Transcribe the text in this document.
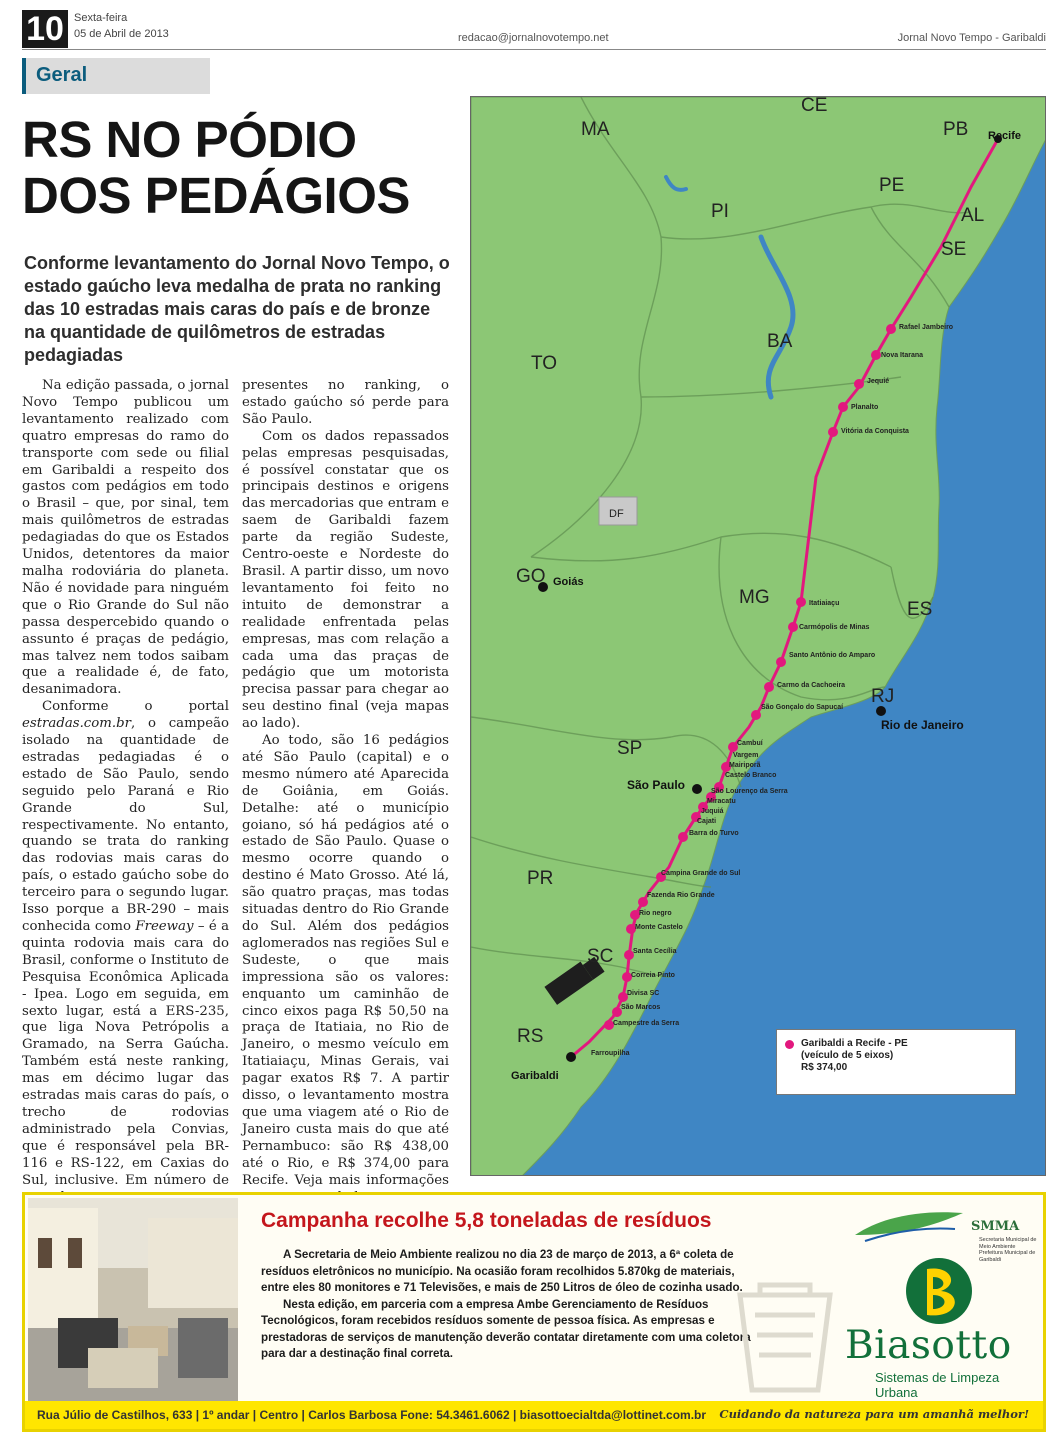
10 Sexta-feira
05 de Abril de 2013	redacao@jornalnovotempo.net	Jornal Novo Tempo - Garibaldi
Geral
RS NO PÓDIO
DOS PEDÁGIOS
Conforme levantamento do Jornal Novo Tempo, o estado gaúcho leva medalha de prata no ranking das 10 estradas mais caras do país e de bronze na quantidade de quilômetros de estradas pedagiadas

Na edição passada, o jornal Novo Tempo publicou um levantamento realizado com quatro empresas do ramo do transporte com sede ou filial em Garibaldi a respeito dos gastos com pedágios em todo o Brasil – que, por sinal, tem mais quilômetros de estradas pedagiadas do que os Estados Unidos, detentores da maior malha rodoviária do planeta. Não é novidade para ninguém que o Rio Grande do Sul não passa despercebido quando o assunto é praças de pedágio, mas talvez nem todos saibam que a realidade é, de fato, desanimadora.

Conforme o portal estradas.com.br, o campeão isolado na quantidade de estradas pedagiadas é o estado de São Paulo, sendo seguido pelo Paraná e Rio Grande do Sul, respectivamente. No entanto, quando se trata do ranking das rodovias mais caras do país, o estado gaúcho sobe do terceiro para o segundo lugar. Isso porque a BR-290 – mais conhecida como Freeway – é a quinta rodovia mais cara do Brasil, conforme o Instituto de Pesquisa Econômica Aplicada - Ipea. Logo em seguida, em sexto lugar, está a ERS-235, que liga Nova Petrópolis a Gramado, na Serra Gaúcha. Também está neste ranking, mas em décimo lugar das estradas mais caras do país, o trecho de rodovias administrado pela Convias, que é responsável pela BR-116 e RS-122, em Caxias do Sul, inclusive. Em número de

presentes no ranking, o estado gaúcho só perde para São Paulo.

Com os dados repassados pelas empresas pesquisadas, é possível constatar que os principais destinos e origens das mercadorias que entram e saem de Garibaldi fazem parte da região Sudeste, Centro-oeste e Nordeste do Brasil. A partir disso, um novo levantamento foi feito no intuito de demonstrar a realidade enfrentada pelas empresas, mas com relação a cada uma das praças de pedágio que um motorista precisa passar para chegar ao seu destino final (veja mapas ao lado).

Ao todo, são 16 pedágios até São Paulo (capital) e o mesmo número até Aparecida de Goiânia, em Goiás. Detalhe: até o município goiano, só há pedágios até o estado de São Paulo. Quase o mesmo ocorre quando o destino é Mato Grosso. Até lá, são quatro praças, mas todas situadas dentro do Rio Grande do Sul. Além dos pedágios aglomerados nas regiões Sul e Sudeste, o que mais impressiona são os valores: enquanto um caminhão de cinco eixos paga R$ 50,50 na praça de Itatiaia, no Rio de Janeiro, o mesmo veículo em Itatiaiaçu, Minas Gerais, vai pagar exatos R$ 7. A partir disso, o levantamento mostra que uma viagem até o Rio de Janeiro custa mais do que até Pernambuco: são R$ 438,00 até o Rio, e R$ 374,00 para Recife. Veja mais informações

CE
MA	PB
PI
PE
AL
SE
BA
TO
DF
GO
MG
ES
RJ
SP
PR
SC
RS
Recife
Goiás
Rio de Janeiro
São Paulo
Garibaldi
Rafael Jambeiro
Nova Itarana
Jequié
Planalto
Vitória da Conquista
Itatiaiaçu
Carmópolis de Minas
Santo Antônio do Amparo
Carmo da Cachoeira
São Gonçalo do Sapucaí
Cambuí
Vargem
Mairiporã
Castelo Branco
São Lourenço da Serra
Miracatu
Juquiá
Cajati
Barra do Turvo
Campina Grande do Sul
Fazenda Rio Grande
Rio negro
Monte Castelo
Santa Cecília
Correia Pinto
Divisa SC
São Marcos
Campestre da Serra
Farroupilha
Garibaldi a Recife - PE
(veículo de 5 eixos)
R$ 374,00
Campanha recolhe 5,8 toneladas de resíduos

A Secretaria de Meio Ambiente realizou no dia 23 de março de 2013, a 6ª coleta de resíduos eletrônicos no município. Na ocasião foram recolhidos 5.870kg de materiais, entre eles 80 monitores e 71 Televisões, e mais de 250 Litros de óleo de cozinha usado.

Nesta edição, em parceria com a empresa Ambe Gerenciamento de Resíduos Tecnológicos, foram recebidos resíduos somente de pessoa física. As empresas e prestadoras de serviços de manutenção deverão contatar diretamente com uma coletora para dar a destinação final correta.

SMMA
Secretaria Municipal de Meio Ambiente
Prefeitura Municipal de Garibaldi
Biasotto
Sistemas de Limpeza Urbana
Rua Júlio de Castilhos, 633 | 1º andar | Centro | Carlos Barbosa Fone: 54.3461.6062 | biasottoecialtda@lottinet.com.br Cuidando da natureza para um amanhã melhor!
